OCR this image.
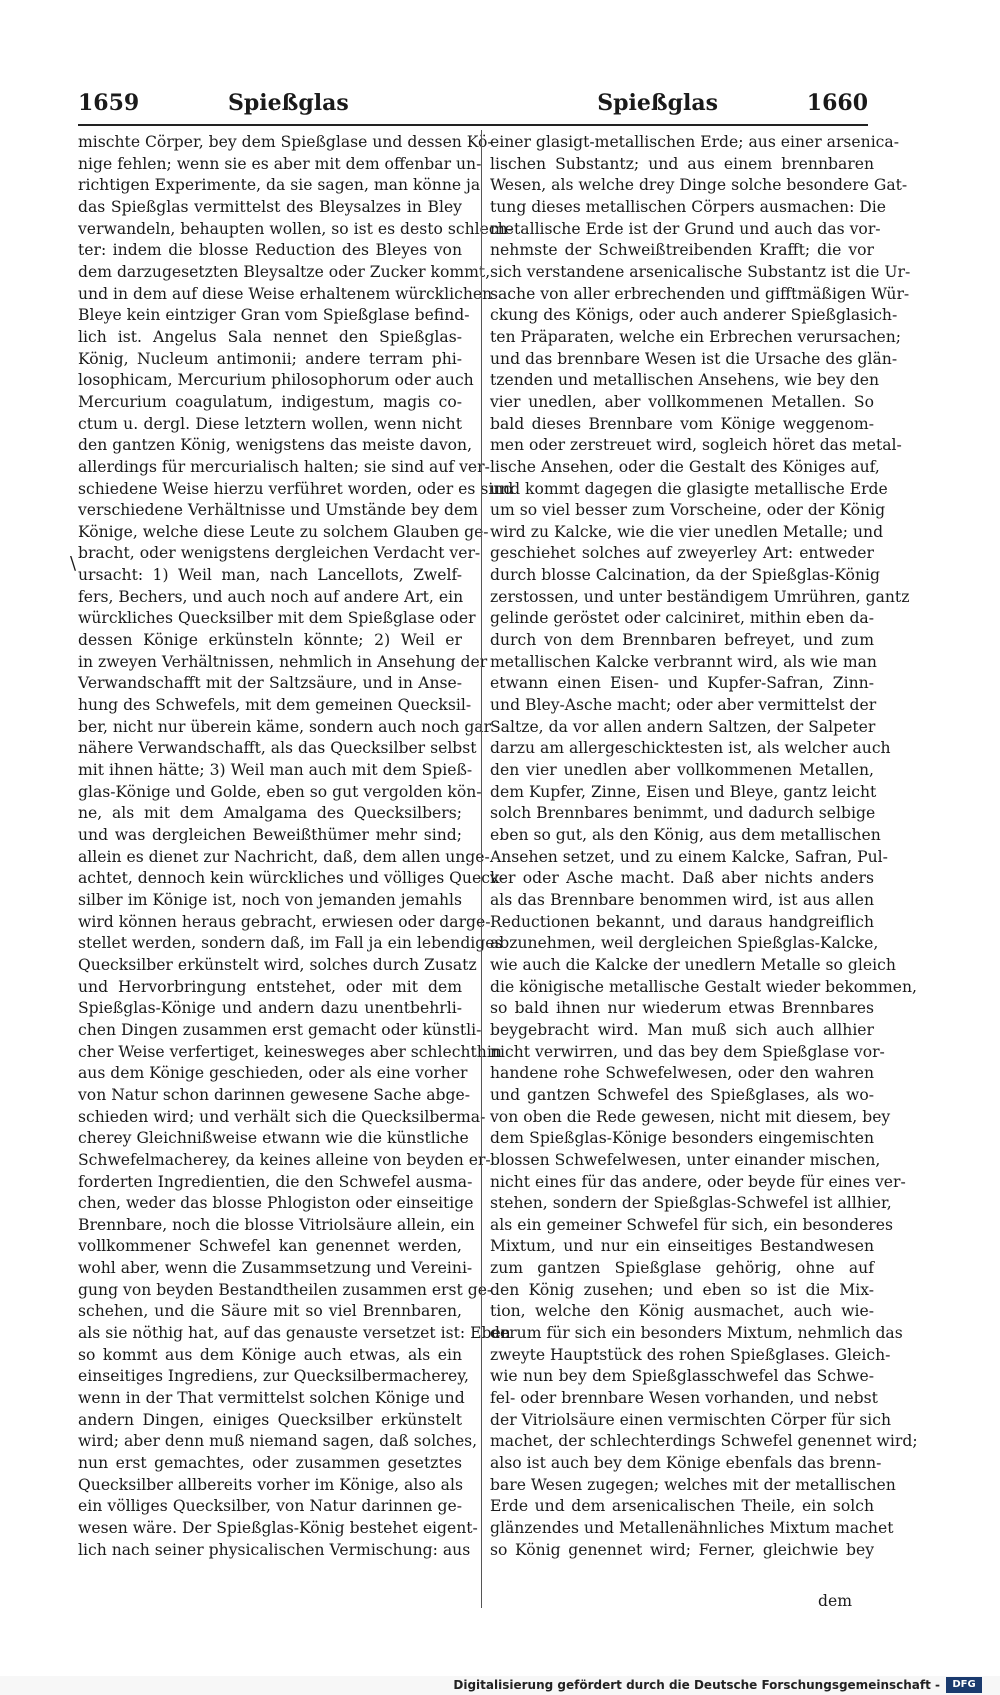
1659	Spießglas	Spießglas	1660
\

mischte Cörper, bey dem Spießglase und dessen Kö-

nige fehlen; wenn sie es aber mit dem offenbar un-

richtigen Experimente, da sie sagen, man könne ja

das Spießglas vermittelst des Bleysalzes in Bley

verwandeln, behaupten wollen, so ist es desto schlech-

ter: indem die blosse Reduction des Bleyes von

dem darzugesetzten Bleysaltze oder Zucker kommt,

und in dem auf diese Weise erhaltenem würcklichen

Bleye kein eintziger Gran vom Spießglase befind-

lich ist. Angelus Sala nennet den Spießglas-

König, Nucleum antimonii; andere terram phi-

losophicam, Mercurium philosophorum oder auch

Mercurium coagulatum, indigestum, magis co-

ctum u. dergl. Diese letztern wollen, wenn nicht

den gantzen König, wenigstens das meiste davon,

allerdings für mercurialisch halten; sie sind auf ver-

schiedene Weise hierzu verführet worden, oder es sind

verschiedene Verhältnisse und Umstände bey dem

Könige, welche diese Leute zu solchem Glauben ge-

bracht, oder wenigstens dergleichen Verdacht ver-

ursacht: 1) Weil man, nach Lancellots, Zwelf-

fers, Bechers, und auch noch auf andere Art, ein

würckliches Quecksilber mit dem Spießglase oder

dessen Könige erkünsteln könnte; 2) Weil er

in zweyen Verhältnissen, nehmlich in Ansehung der

Verwandschafft mit der Saltzsäure, und in Anse-

hung des Schwefels, mit dem gemeinen Quecksil-

ber, nicht nur überein käme, sondern auch noch gar

nähere Verwandschafft, als das Quecksilber selbst

mit ihnen hätte; 3) Weil man auch mit dem Spieß-

glas-Könige und Golde, eben so gut vergolden kön-

ne, als mit dem Amalgama des Quecksilbers;

und was dergleichen Beweißthümer mehr sind;

allein es dienet zur Nachricht, daß, dem allen unge-

achtet, dennoch kein würckliches und völliges Queck-

silber im Könige ist, noch von jemanden jemahls

wird können heraus gebracht, erwiesen oder darge-

stellet werden, sondern daß, im Fall ja ein lebendiges

Quecksilber erkünstelt wird, solches durch Zusatz

und Hervorbringung entstehet, oder mit dem

Spießglas-Könige und andern dazu unentbehrli-

chen Dingen zusammen erst gemacht oder künstli-

cher Weise verfertiget, keinesweges aber schlechthin

aus dem Könige geschieden, oder als eine vorher

von Natur schon darinnen gewesene Sache abge-

schieden wird; und verhält sich die Quecksilberma-

cherey Gleichnißweise etwann wie die künstliche

Schwefelmacherey, da keines alleine von beyden er-

forderten Ingredientien, die den Schwefel ausma-

chen, weder das blosse Phlogiston oder einseitige

Brennbare, noch die blosse Vitriolsäure allein, ein

vollkommener Schwefel kan genennet werden,

wohl aber, wenn die Zusammsetzung und Vereini-

gung von beyden Bestandtheilen zusammen erst ge-

schehen, und die Säure mit so viel Brennbaren,

als sie nöthig hat, auf das genauste versetzet ist: Eben

so kommt aus dem Könige auch etwas, als ein

einseitiges Ingrediens, zur Quecksilbermacherey,

wenn in der That vermittelst solchen Könige und

andern Dingen, einiges Quecksilber erkünstelt

wird; aber denn muß niemand sagen, daß solches,

nun erst gemachtes, oder zusammen gesetztes

Quecksilber allbereits vorher im Könige, also als

ein völliges Quecksilber, von Natur darinnen ge-

wesen wäre. Der Spießglas-König bestehet eigent-

lich nach seiner physicalischen Vermischung: aus

einer glasigt-metallischen Erde; aus einer arsenica-

lischen Substantz; und aus einem brennbaren

Wesen, als welche drey Dinge solche besondere Gat-

tung dieses metallischen Cörpers ausmachen: Die

metallische Erde ist der Grund und auch das vor-

nehmste der Schweißtreibenden Krafft; die vor

sich verstandene arsenicalische Substantz ist die Ur-

sache von aller erbrechenden und gifftmäßigen Wür-

ckung des Königs, oder auch anderer Spießglasich-

ten Präparaten, welche ein Erbrechen verursachen;

und das brennbare Wesen ist die Ursache des glän-

tzenden und metallischen Ansehens, wie bey den

vier unedlen, aber vollkommenen Metallen. So

bald dieses Brennbare vom Könige weggenom-

men oder zerstreuet wird, sogleich höret das metal-

lische Ansehen, oder die Gestalt des Königes auf,

und kommt dagegen die glasigte metallische Erde

um so viel besser zum Vorscheine, oder der König

wird zu Kalcke, wie die vier unedlen Metalle; und

geschiehet solches auf zweyerley Art: entweder

durch blosse Calcination, da der Spießglas-König

zerstossen, und unter beständigem Umrühren, gantz

gelinde geröstet oder calciniret, mithin eben da-

durch von dem Brennbaren befreyet, und zum

metallischen Kalcke verbrannt wird, als wie man

etwann einen Eisen- und Kupfer-Safran, Zinn-

und Bley-Asche macht; oder aber vermittelst der

Saltze, da vor allen andern Saltzen, der Salpeter

darzu am allergeschicktesten ist, als welcher auch

den vier unedlen aber vollkommenen Metallen,

dem Kupfer, Zinne, Eisen und Bleye, gantz leicht

solch Brennbares benimmt, und dadurch selbige

eben so gut, als den König, aus dem metallischen

Ansehen setzet, und zu einem Kalcke, Safran, Pul-

ver oder Asche macht. Daß aber nichts anders

als das Brennbare benommen wird, ist aus allen

Reductionen bekannt, und daraus handgreiflich

abzunehmen, weil dergleichen Spießglas-Kalcke,

wie auch die Kalcke der unedlern Metalle so gleich

die königische metallische Gestalt wieder bekommen,

so bald ihnen nur wiederum etwas Brennbares

beygebracht wird. Man muß sich auch allhier

nicht verwirren, und das bey dem Spießglase vor-

handene rohe Schwefelwesen, oder den wahren

und gantzen Schwefel des Spießglases, als wo-

von oben die Rede gewesen, nicht mit diesem, bey

dem Spießglas-Könige besonders eingemischten

blossen Schwefelwesen, unter einander mischen,

nicht eines für das andere, oder beyde für eines ver-

stehen, sondern der Spießglas-Schwefel ist allhier,

als ein gemeiner Schwefel für sich, ein besonderes

Mixtum, und nur ein einseitiges Bestandwesen

zum gantzen Spießglase gehörig, ohne auf

den König zusehen; und eben so ist die Mix-

tion, welche den König ausmachet, auch wie-

derum für sich ein besonders Mixtum, nehmlich das

zweyte Hauptstück des rohen Spießglases. Gleich-

wie nun bey dem Spießglasschwefel das Schwe-

fel- oder brennbare Wesen vorhanden, und nebst

der Vitriolsäure einen vermischten Cörper für sich

machet, der schlechterdings Schwefel genennet wird;

also ist auch bey dem Könige ebenfals das brenn-

bare Wesen zugegen; welches mit der metallischen

Erde und dem arsenicalischen Theile, ein solch

glänzendes und Metallenähnliches Mixtum machet

so König genennet wird; Ferner, gleichwie bey

dem
Digitalisierung gefördert durch die Deutsche Forschungsgemeinschaft -	DFG
